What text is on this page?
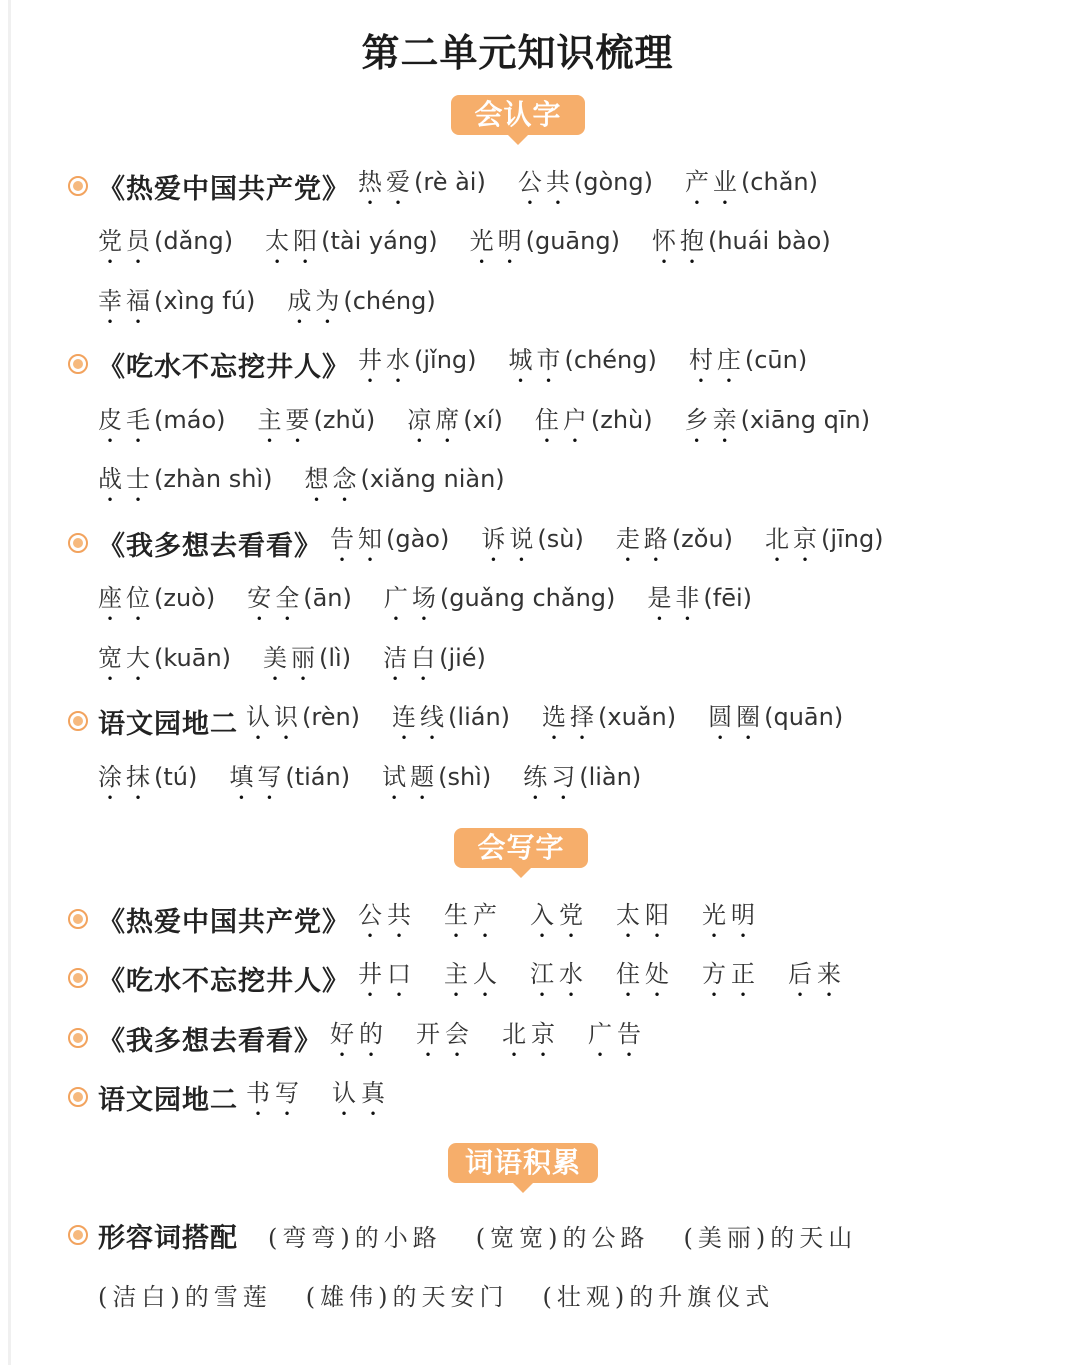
第二单元知识梳理
会认字
会写字
词语积累
《热爱中国共产党》 热爱 (rè ài) 公共 (gòng) 产业 (chǎn)
党员 (dǎng) 太阳 (tài yáng) 光明 (guāng) 怀抱 (huái bào)
幸福 (xìng fú) 成为 (chéng)
《吃水不忘挖井人》 井水 (jǐng) 城市 (chéng) 村庄 (cūn)
皮毛 (máo) 主要 (zhǔ) 凉席 (xí) 住户 (zhù) 乡亲 (xiāng qīn)
战士 (zhàn shì) 想念 (xiǎng niàn)
《我多想去看看》 告知 (gào) 诉说 (sù) 走路 (zǒu) 北京 (jīng)
座位 (zuò) 安全 (ān) 广场 (guǎng chǎng) 是非 (fēi)
宽大 (kuān) 美丽 (lì) 洁白 (jié)
语文园地二 认识 (rèn) 连线 (lián) 选择 (xuǎn) 圆圈 (quān)
涂抹 (tú) 填写 (tián) 试题 (shì) 练习 (liàn)
《热爱中国共产党》 公共 生产 入党 太阳 光明
《吃水不忘挖井人》 井口 主人 江水 住处 方正 后来
《我多想去看看》 好的 开会 北京 广告
语文园地二 书写 认真
形容词搭配 (弯弯)的小路 (宽宽)的公路 (美丽)的天山
(洁白)的雪莲 (雄伟)的天安门 (壮观)的升旗仪式
